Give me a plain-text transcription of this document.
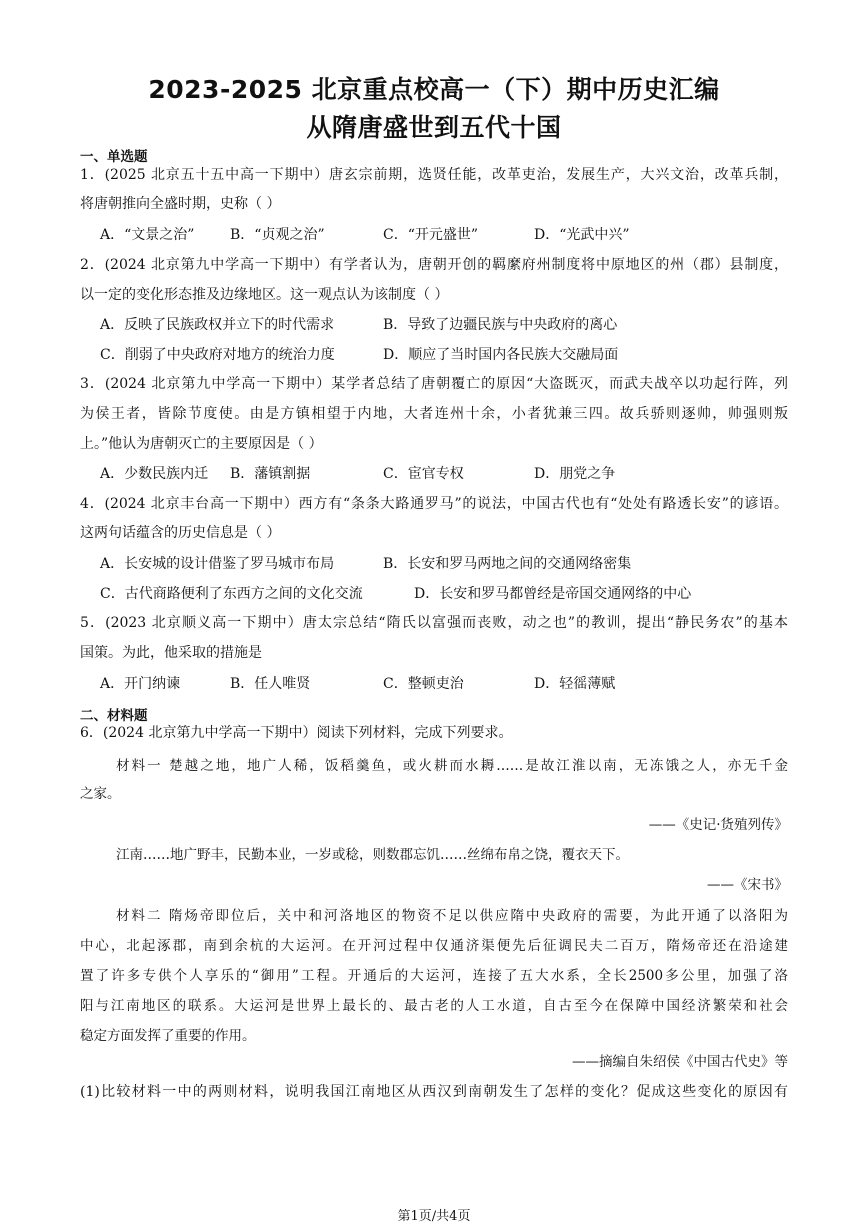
2023-2025 北京重点校高一（下）期中历史汇编
从隋唐盛世到五代十国
一、单选题
1．(2025 北京五十五中高一下期中）唐玄宗前期，选贤任能，改革吏治，发展生产，大兴文治，改革兵制，
将唐朝推向全盛时期，史称（ ）
A．“文景之治”	B．“贞观之治”	C．“开元盛世”	D．“光武中兴”
2．(2024 北京第九中学高一下期中）有学者认为，唐朝开创的羁縻府州制度将中原地区的州（郡）县制度，
以一定的变化形态推及边缘地区。这一观点认为该制度（ ）
A．反映了民族政权并立下的时代需求	B．导致了边疆民族与中央政府的离心
C．削弱了中央政府对地方的统治力度	D．顺应了当时国内各民族大交融局面
3．(2024 北京第九中学高一下期中）某学者总结了唐朝覆亡的原因“大盗既灭，而武夫战卒以功起行阵，列
为侯王者，皆除节度使。由是方镇相望于内地，大者连州十余，小者犹兼三四。故兵骄则逐帅，帅强则叛
上。”他认为唐朝灭亡的主要原因是（ ）
A．少数民族内迁 B．藩镇割据	C．宦官专权	D．朋党之争
4．(2024 北京丰台高一下期中）西方有“条条大路通罗马”的说法，中国古代也有“处处有路透长安”的谚语。
这两句话蕴含的历史信息是（ ）
A．长安城的设计借鉴了罗马城市布局	B．长安和罗马两地之间的交通网络密集
C．古代商路便利了东西方之间的文化交流	D．长安和罗马都曾经是帝国交通网络的中心
5．(2023 北京顺义高一下期中）唐太宗总结“隋氏以富强而丧败，动之也”的教训，提出“静民务农”的基本
国策。为此，他采取的措施是
A．开门纳谏	B．任人唯贤	C．整顿吏治	D．轻徭薄赋
二、材料题
6．(2024 北京第九中学高一下期中）阅读下列材料，完成下列要求。
材料一 楚越之地，地广人稀，饭稻羹鱼，或火耕而水耨……是故江淮以南，无冻饿之人，亦无千金
之家。
——《史记·货殖列传》
江南……地广野丰，民勤本业，一岁或稔，则数郡忘饥……丝绵布帛之饶，覆衣天下。
——《宋书》
材料二 隋炀帝即位后，关中和河洛地区的物资不足以供应隋中央政府的需要，为此开通了以洛阳为
中心，北起涿郡，南到余杭的大运河。在开河过程中仅通济渠便先后征调民夫二百万，隋炀帝还在沿途建
置了许多专供个人享乐的“御用”工程。开通后的大运河，连接了五大水系，全长2500多公里，加强了洛
阳与江南地区的联系。大运河是世界上最长的、最古老的人工水道，自古至今在保障中国经济繁荣和社会
稳定方面发挥了重要的作用。
——摘编自朱绍侯《中国古代史》等
(1)比较材料一中的两则材料，说明我国江南地区从西汉到南朝发生了怎样的变化？促成这些变化的原因有
第1页/共4页
